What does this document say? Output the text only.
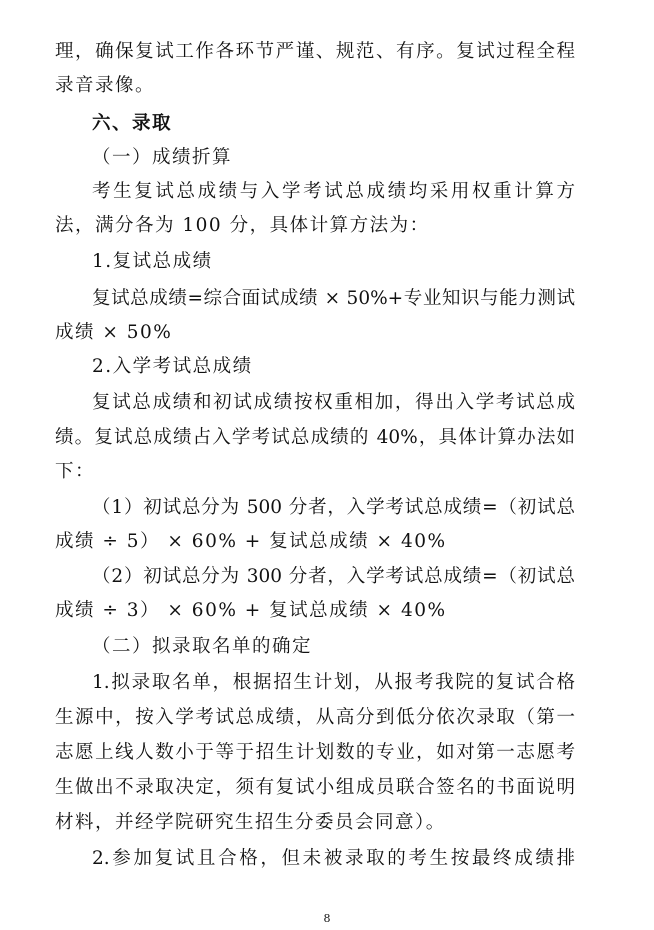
理，确保复试工作各环节严谨、规范、有序。复试过程全程
录音录像。
六、录取
（一）成绩折算
考生复试总成绩与入学考试总成绩均采用权重计算方
法，满分各为 100 分，具体计算方法为：
1.复试总成绩
复试总成绩=综合面试成绩 × 50%+专业知识与能力测试
成绩 × 50%
2.入学考试总成绩
复试总成绩和初试成绩按权重相加，得出入学考试总成
绩。复试总成绩占入学考试总成绩的 40%，具体计算办法如
下：
（1）初试总分为 500 分者，入学考试总成绩=（初试总
成绩 ÷ 5） × 60% + 复试总成绩 × 40%
（2）初试总分为 300 分者，入学考试总成绩=（初试总
成绩 ÷ 3） × 60% + 复试总成绩 × 40%
（二）拟录取名单的确定
1.拟录取名单，根据招生计划，从报考我院的复试合格
生源中，按入学考试总成绩，从高分到低分依次录取（第一
志愿上线人数小于等于招生计划数的专业，如对第一志愿考
生做出不录取决定，须有复试小组成员联合签名的书面说明
材料，并经学院研究生招生分委员会同意）。
2.参加复试且合格，但未被录取的考生按最终成绩排
8
